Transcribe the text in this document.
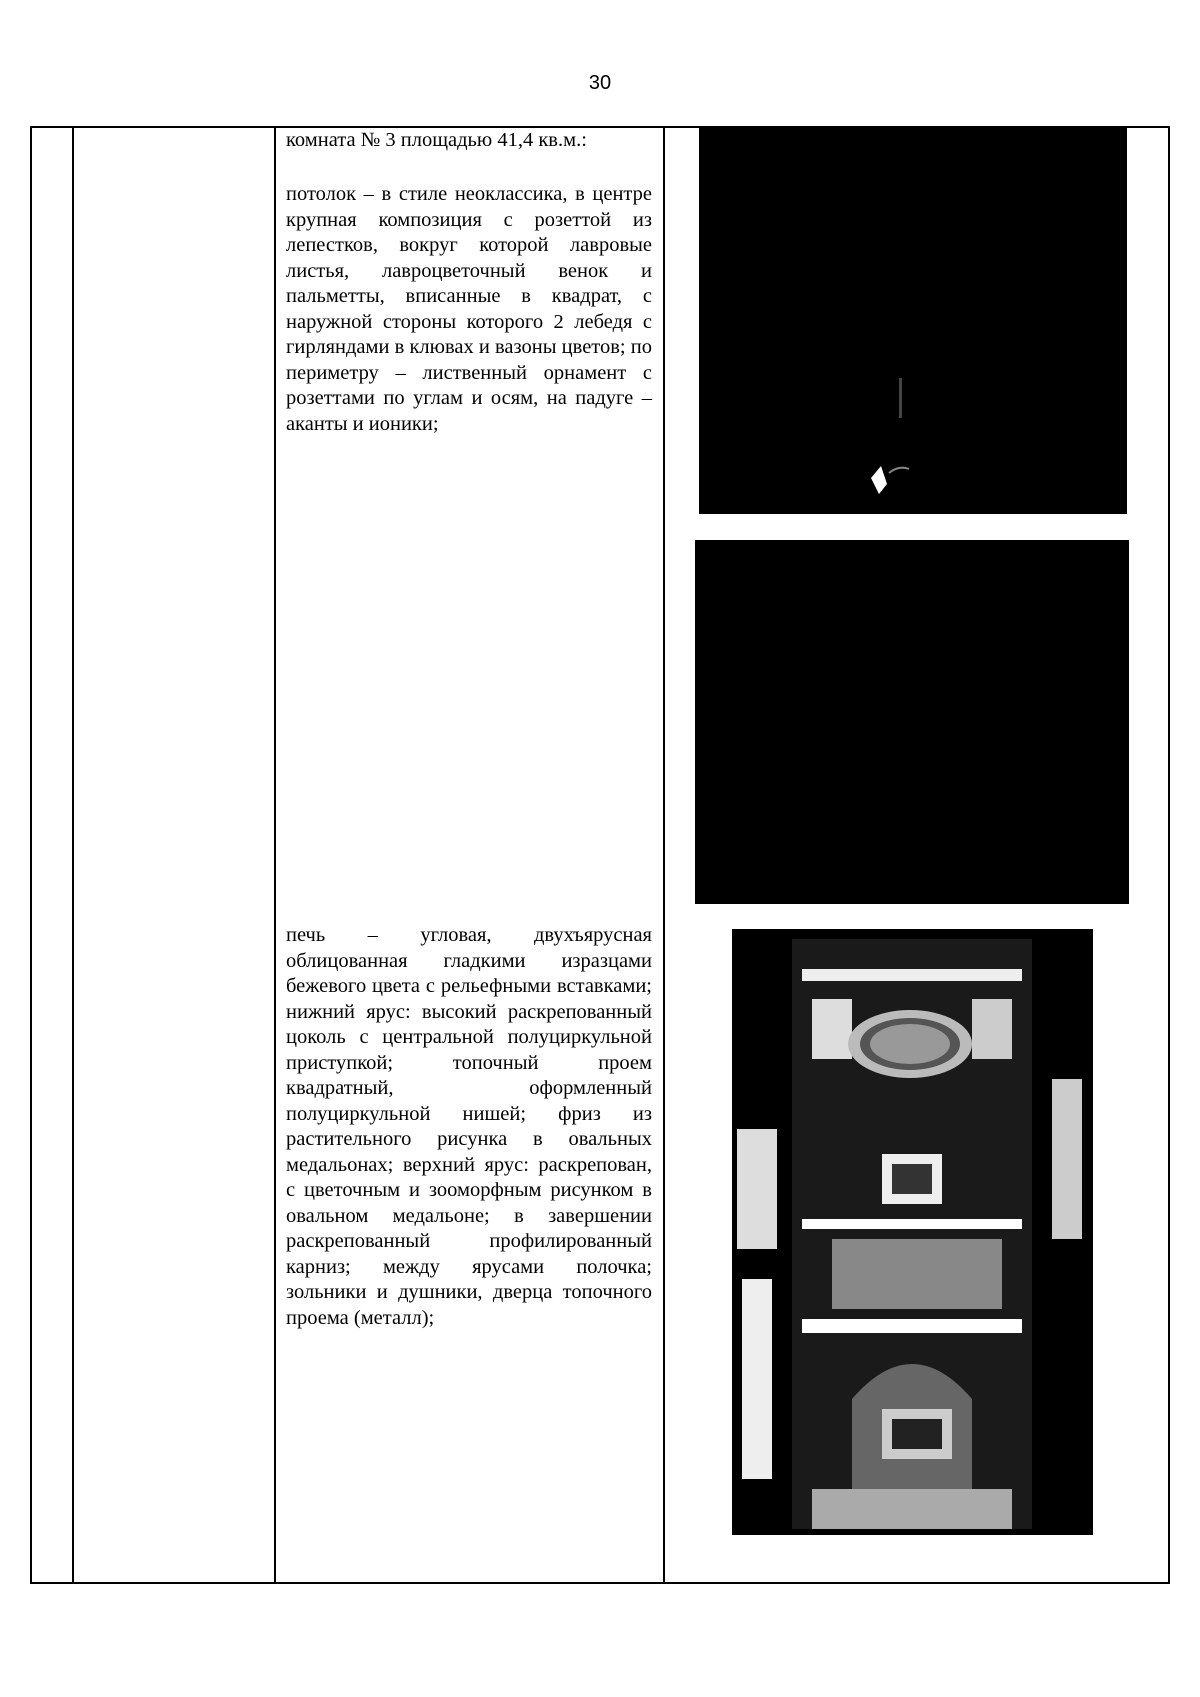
30
комната № 3 площадью 41,4 кв.м.:
потолок – в стиле неоклассика, в центре крупная композиция с розеттой из лепестков, вокруг которой лавровые листья, лавроцветочный венок и пальметты, вписанные в квадрат, с наружной стороны которого 2 лебедя с гирляндами в клювах и вазоны цветов; по периметру – лиственный орнамент с розеттами по углам и осям, на падуге – аканты и ионики;
печь – угловая, двухъярусная облицованная гладкими изразцами бежевого цвета с рельефными вставками; нижний ярус: высокий раскрепованный цоколь с центральной полуциркульной приступкой; топочный проем квадратный, оформленный полуциркульной нишей; фриз из растительного рисунка в овальных медальонах; верхний ярус: раскрепован, с цветочным и зооморфным рисунком в овальном медальоне; в завершении раскрепованный профилированный карниз; между ярусами полочка; зольники и душники, дверца топочного проема (металл);
